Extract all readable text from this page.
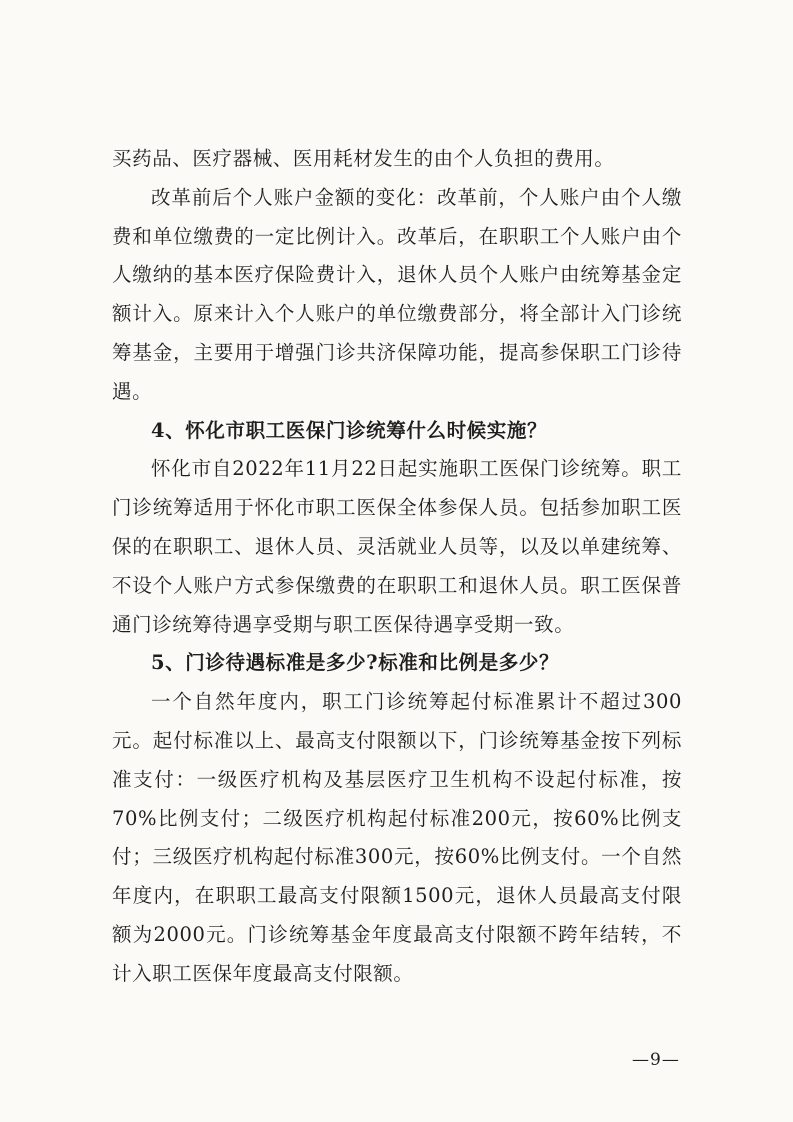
买药品、医疗器械、医用耗材发生的由个人负担的费用。

改革前后个人账户金额的变化：改革前，个人账户由个人缴费和单位缴费的一定比例计入。改革后，在职职工个人账户由个人缴纳的基本医疗保险费计入，退休人员个人账户由统筹基金定额计入。原来计入个人账户的单位缴费部分，将全部计入门诊统筹基金，主要用于增强门诊共济保障功能，提高参保职工门诊待遇。

4、怀化市职工医保门诊统筹什么时候实施？

怀化市自2022年11月22日起实施职工医保门诊统筹。职工门诊统筹适用于怀化市职工医保全体参保人员。包括参加职工医保的在职职工、退休人员、灵活就业人员等，以及以单建统筹、不设个人账户方式参保缴费的在职职工和退休人员。职工医保普通门诊统筹待遇享受期与职工医保待遇享受期一致。

5、门诊待遇标准是多少?标准和比例是多少？

一个自然年度内，职工门诊统筹起付标准累计不超过300元。起付标准以上、最高支付限额以下，门诊统筹基金按下列标准支付：一级医疗机构及基层医疗卫生机构不设起付标准，按70%比例支付；二级医疗机构起付标准200元，按60%比例支付；三级医疗机构起付标准300元，按60%比例支付。一个自然年度内，在职职工最高支付限额1500元，退休人员最高支付限额为2000元。门诊统筹基金年度最高支付限额不跨年结转，不计入职工医保年度最高支付限额。

—9—
